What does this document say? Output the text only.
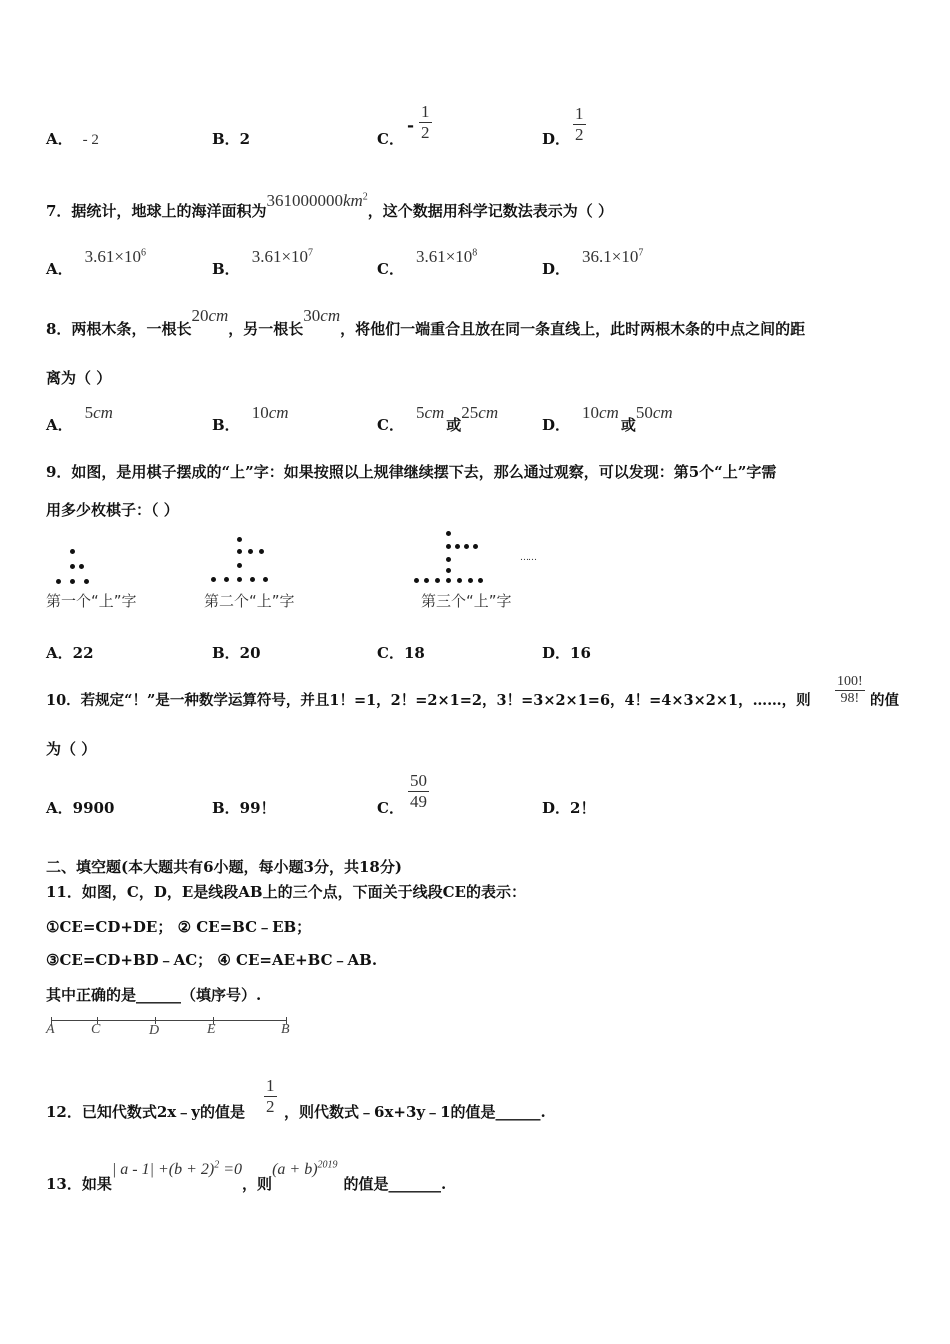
A． - 2	B．2	C．
- $\frac{1}{2}$	D． $\frac{1}{2}$
7．据统计，地球上的海洋面积为$361000000km^2$，这个数据用科学记数法表示为（ ）
A．$3.61\times 10^6$
B．$3.61\times 10^7$
C．$3.61\times 10^8$
D．$36.1\times 10^7$
8．两根木条，一根长20cm，另一根长30cm，将他们一端重合且放在同一条直线上，此时两根木条的中点之间的距
离为（ ）
A．5cm
B．10cm
C．5cm或25cm
D．10cm或50cm
9．如图，是用棋子摆成的“上”字：如果按照以上规律继续摆下去，那么通过观察，可以发现：第5个“上”字需
用多少枚棋子：（ ）
第一个“上”字	第二个“上”字	第三个“上”字
……
A．22	B．20	C．18	D．16
10．若规定“！”是一种数学运算符号，并且1！=1，2！=2×1=2，3！=3×2×1=6，4！=4×3×2×1，……，则 $\frac{100!}{98!}$ 的值
为（ ）
A．9900	B．99！	C． $\frac{50}{49}$	D．2！
二、填空题(本大题共有6小题，每小题3分，共18分)
11．如图，C，D，E是线段AB上的三个点，下面关于线段CE的表示：
①CE=CD+DE； ② CE=BC﹣EB；
③CE=CD+BD﹣AC； ④ CE=AE+BC﹣AB.
其中正确的是______（填序号）.
A	C	D	E	B
12．已知代数式2x﹣y的值是 $\frac{1}{2}$ ，则代数式﹣6x+3y﹣1的值是______.
13．如果| $a - 1| +(b + 2)^2 =0$，则$(a + b)^{2019}$的值是_______.
